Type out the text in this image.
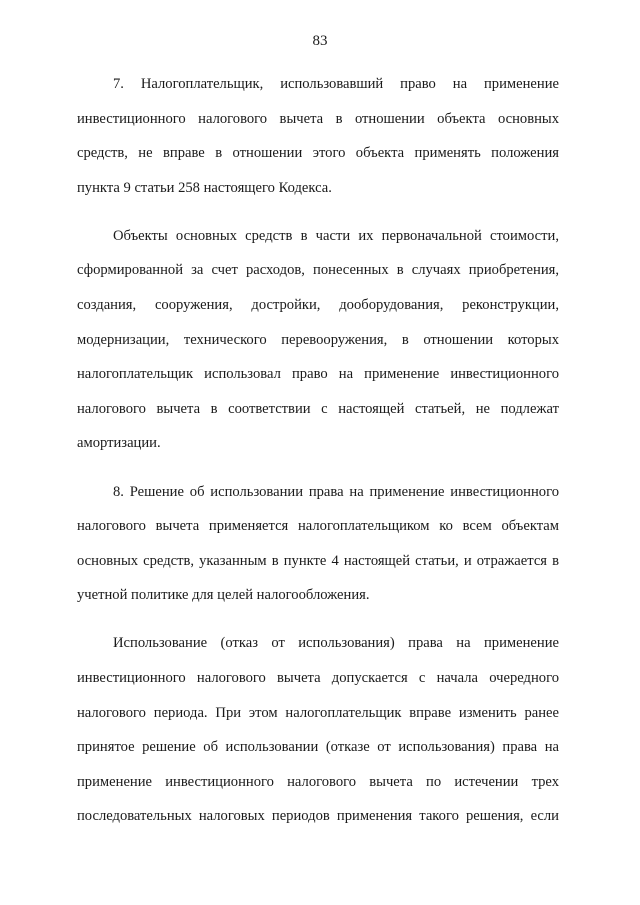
83
7. Налогоплательщик, использовавший право на применение
инвестиционного налогового вычета в отношении объекта основных
средств, не вправе в отношении этого объекта применять положения
пункта 9 статьи 258 настоящего Кодекса.
Объекты основных средств в части их первоначальной стоимости,
сформированной за счет расходов, понесенных в случаях приобретения,
создания, сооружения, достройки, дооборудования, реконструкции,
модернизации, технического перевооружения, в отношении которых
налогоплательщик использовал право на применение инвестиционного
налогового вычета в соответствии с настоящей статьей, не подлежат
амортизации.
8. Решение об использовании права на применение инвестиционного
налогового вычета применяется налогоплательщиком ко всем объектам
основных средств, указанным в пункте 4 настоящей статьи, и отражается в
учетной политике для целей налогообложения.
Использование (отказ от использования) права на применение
инвестиционного налогового вычета допускается с начала очередного
налогового периода. При этом налогоплательщик вправе изменить ранее
принятое решение об использовании (отказе от использования) права на
применение инвестиционного налогового вычета по истечении трех
последовательных налоговых периодов применения такого решения, если
